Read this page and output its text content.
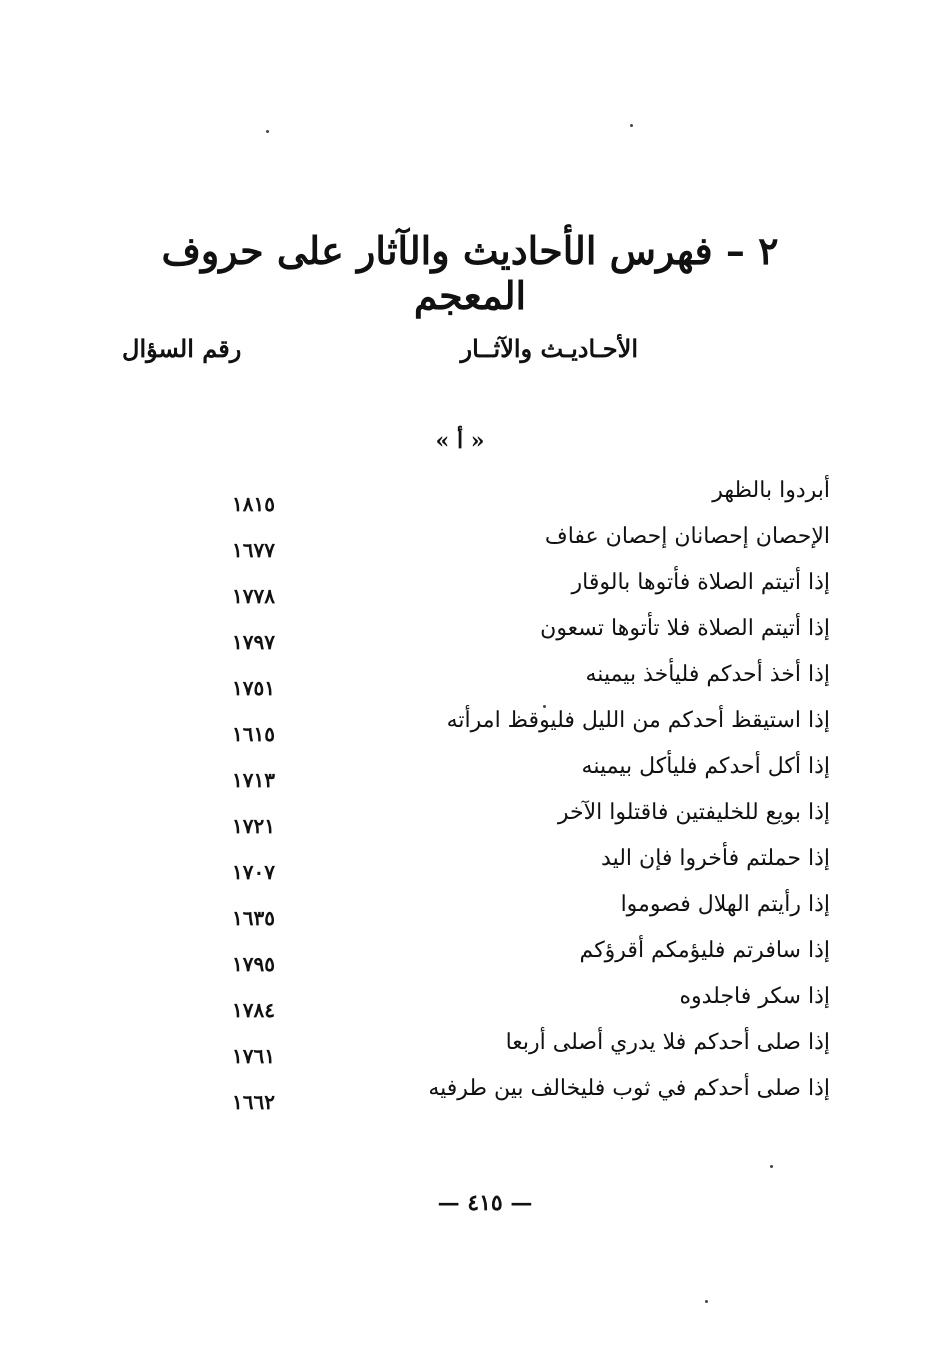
٢ – فهرس الأحاديث والآثار على حروف المعجم
الأحـاديـث والآثــار
رقم السؤال
« أ »
أبردوا بالظهر
١٨١٥
الإحصان إحصانان إحصان عفاف
١٦٧٧
إذا أتيتم الصلاة فأتوها بالوقار
١٧٧٨
إذا أتيتم الصلاة فلا تأتوها تسعون
١٧٩٧
إذا أخذ أحدكم فليأخذ بيمينه
١٧٥١
إذا استيقظ أحدكم من الليل فليوقظ امرأته
١٦١٥
إذا أكل أحدكم فليأكل بيمينه
١٧١٣
إذا بويع للخليفتين فاقتلوا الآخر
١٧٢١
إذا حملتم فأخروا فإن اليد
١٧٠٧
إذا رأيتم الهلال فصوموا
١٦٣٥
إذا سافرتم فليؤمكم أقرؤكم
١٧٩٥
إذا سكر فاجلدوه
١٧٨٤
إذا صلى أحدكم فلا يدري أصلى أربعا
١٧٦١
إذا صلى أحدكم في ثوب فليخالف بين طرفيه
١٦٦٢
— ٤١٥ —
